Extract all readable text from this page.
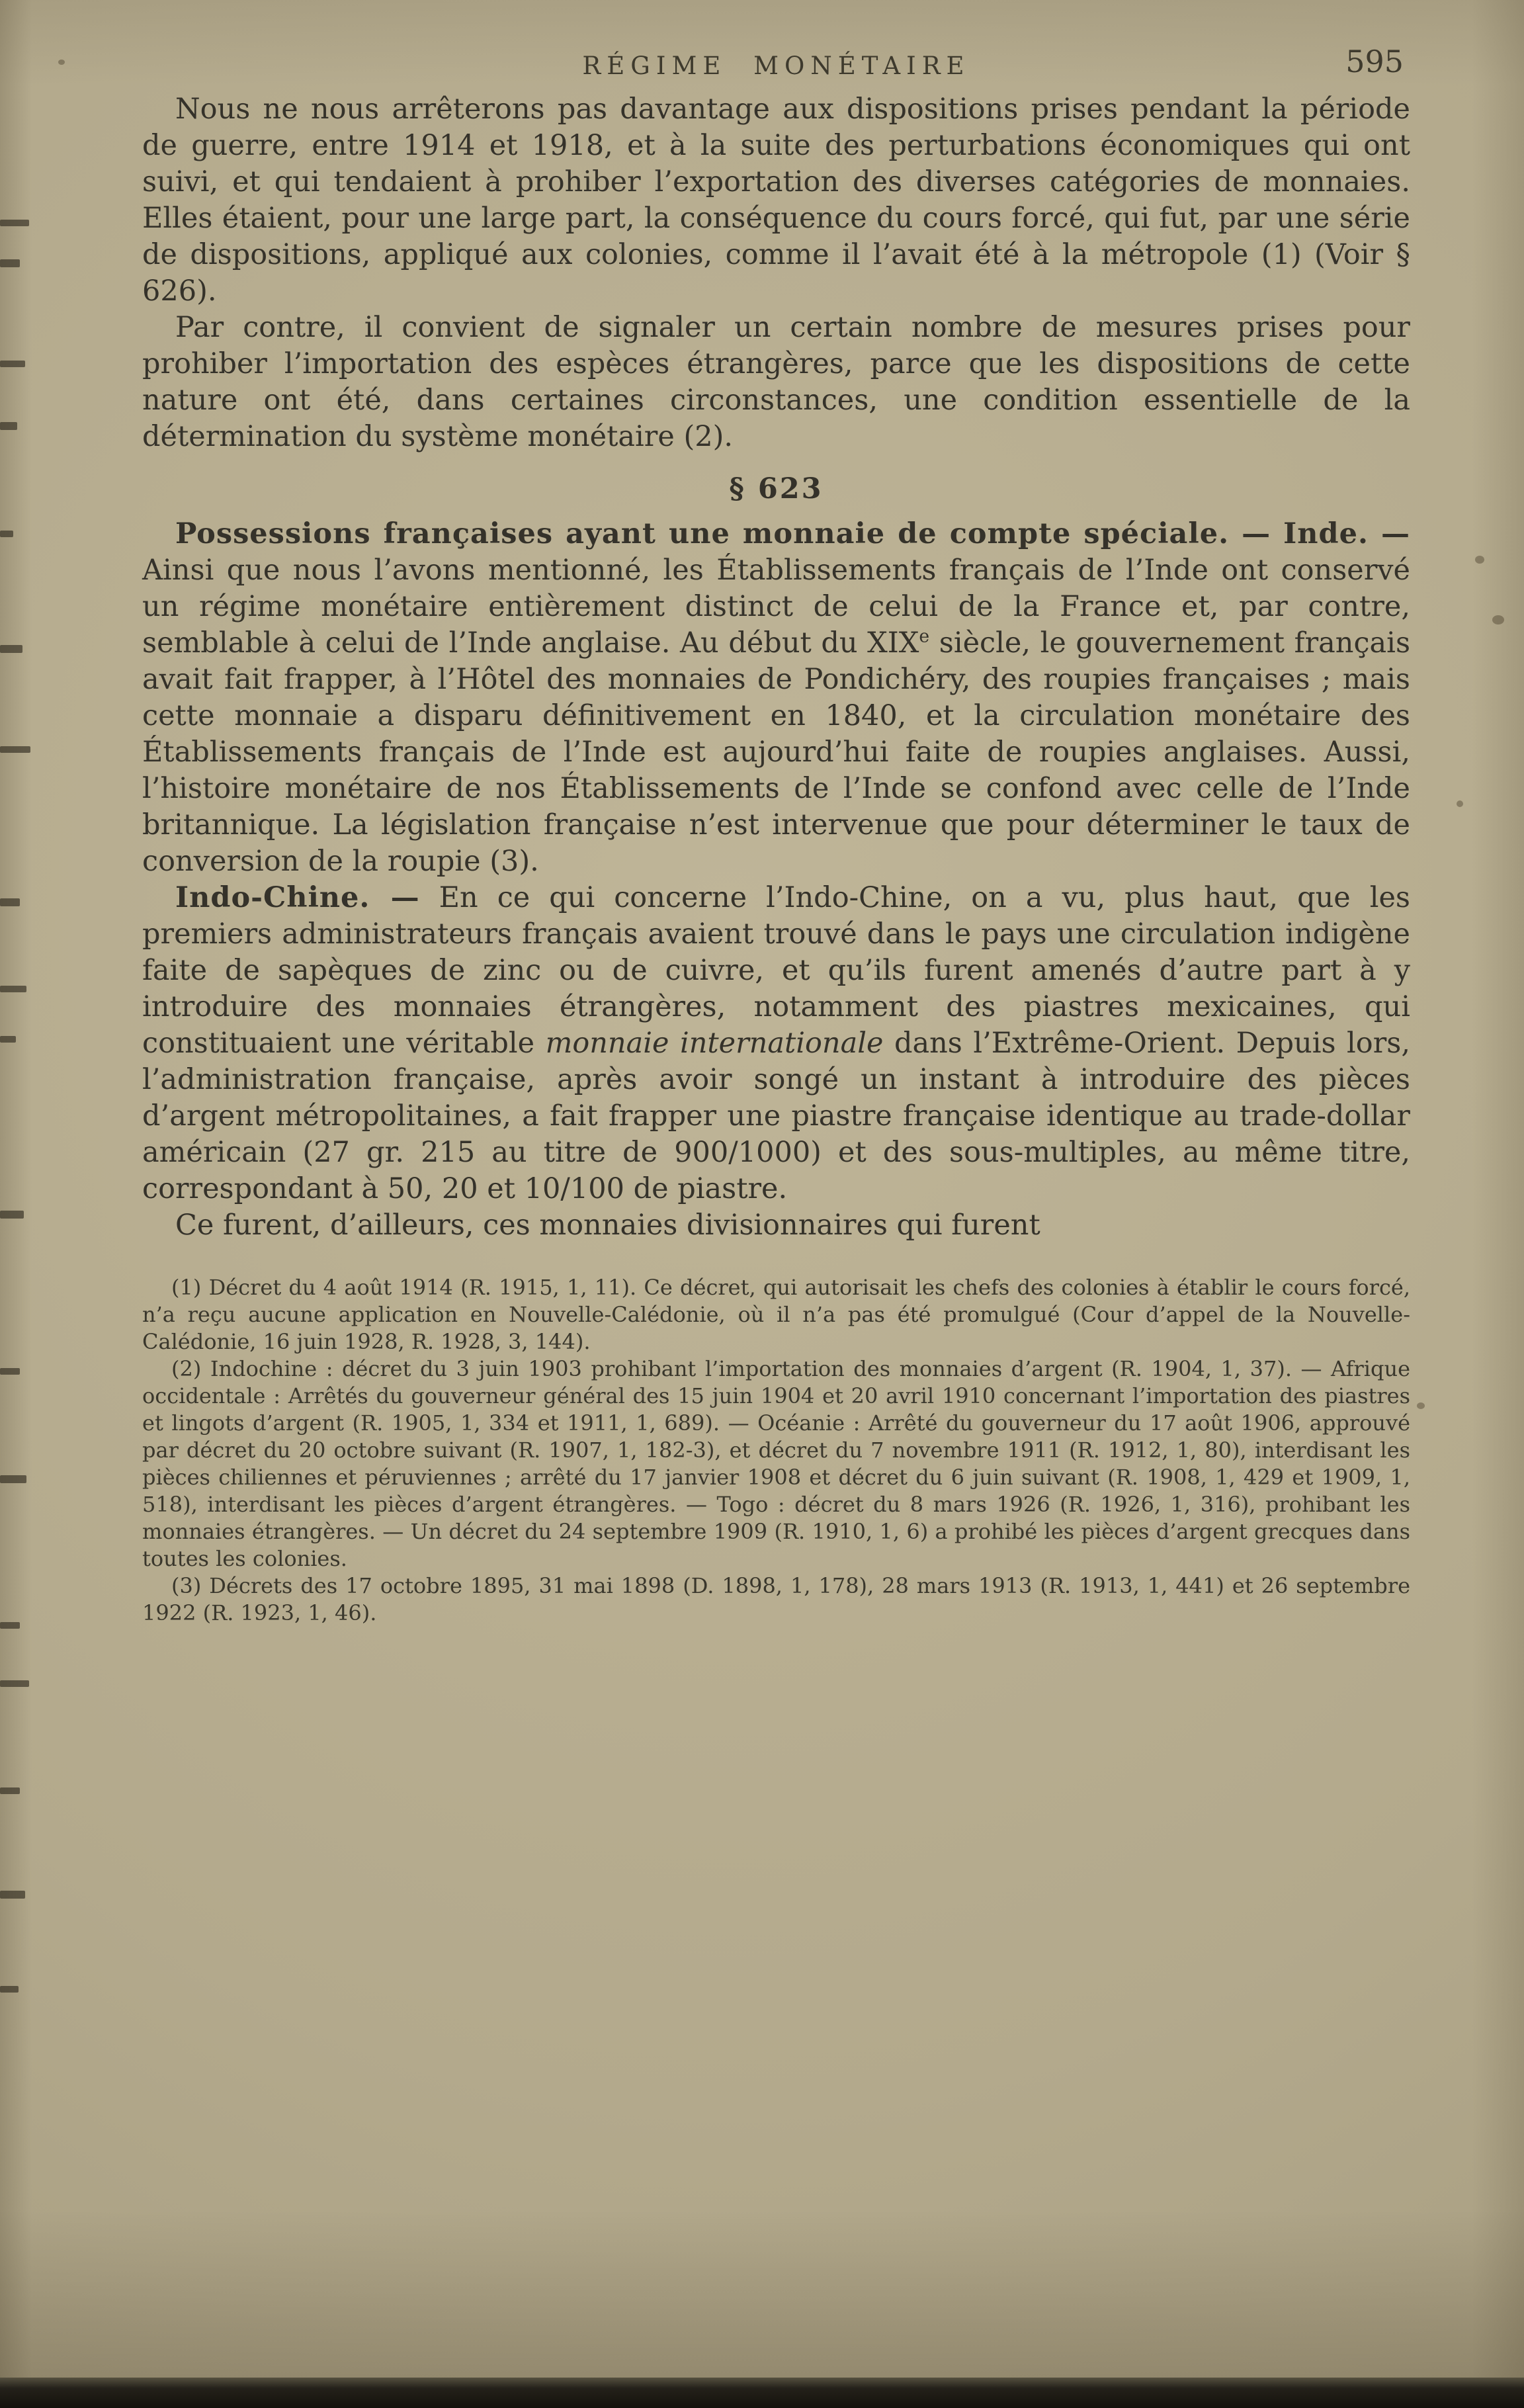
RÉGIME MONÉTAIRE	595

Nous ne nous arrêterons pas davantage aux dispositions prises pendant la période de guerre, entre 1914 et 1918, et à la suite des perturbations économiques qui ont suivi, et qui tendaient à prohiber l’exportation des diverses catégories de monnaies. Elles étaient, pour une large part, la conséquence du cours forcé, qui fut, par une série de dispositions, appliqué aux colonies, comme il l’avait été à la métropole (1) (Voir § 626).

Par contre, il convient de signaler un certain nombre de mesures prises pour prohiber l’importation des espèces étrangères, parce que les dispositions de cette nature ont été, dans certaines circonstances, une condition essentielle de la détermination du système monétaire (2).

§ 623

Possessions françaises ayant une monnaie de compte spéciale. — Inde. — Ainsi que nous l’avons mentionné, les Établissements français de l’Inde ont conservé un régime monétaire entièrement distinct de celui de la France et, par contre, semblable à celui de l’Inde anglaise. Au début du XIXe siècle, le gouvernement français avait fait frapper, à l’Hôtel des monnaies de Pondichéry, des roupies françaises ; mais cette monnaie a disparu définitivement en 1840, et la circulation monétaire des Établissements français de l’Inde est aujourd’hui faite de roupies anglaises. Aussi, l’histoire monétaire de nos Établissements de l’Inde se confond avec celle de l’Inde britannique. La législation française n’est intervenue que pour déterminer le taux de conversion de la roupie (3).

Indo-Chine. — En ce qui concerne l’Indo-Chine, on a vu, plus haut, que les premiers administrateurs français avaient trouvé dans le pays une circulation indigène faite de sapèques de zinc ou de cuivre, et qu’ils furent amenés d’autre part à y introduire des monnaies étrangères, notamment des piastres mexicaines, qui constituaient une véritable monnaie internationale dans l’Extrême-Orient. Depuis lors, l’administration française, après avoir songé un instant à introduire des pièces d’argent métropolitaines, a fait frapper une piastre française identique au trade-dollar américain (27 gr. 215 au titre de 900/1000) et des sous-multiples, au même titre, correspondant à 50, 20 et 10/100 de piastre.

Ce furent, d’ailleurs, ces monnaies divisionnaires qui furent

(1) Décret du 4 août 1914 (R. 1915, 1, 11). Ce décret, qui autorisait les chefs des colonies à établir le cours forcé, n’a reçu aucune application en Nouvelle-Calédonie, où il n’a pas été promulgué (Cour d’appel de la Nouvelle-Calédonie, 16 juin 1928, R. 1928, 3, 144).

(2) Indochine : décret du 3 juin 1903 prohibant l’importation des monnaies d’argent (R. 1904, 1, 37). — Afrique occidentale : Arrêtés du gouverneur général des 15 juin 1904 et 20 avril 1910 concernant l’importation des piastres et lingots d’argent (R. 1905, 1, 334 et 1911, 1, 689). — Océanie : Arrêté du gouverneur du 17 août 1906, approuvé par décret du 20 octobre suivant (R. 1907, 1, 182-3), et décret du 7 novembre 1911 (R. 1912, 1, 80), interdisant les pièces chiliennes et péruviennes ; arrêté du 17 janvier 1908 et décret du 6 juin suivant (R. 1908, 1, 429 et 1909, 1, 518), interdisant les pièces d’argent étrangères. — Togo : décret du 8 mars 1926 (R. 1926, 1, 316), prohibant les monnaies étrangères. — Un décret du 24 septembre 1909 (R. 1910, 1, 6) a prohibé les pièces d’argent grecques dans toutes les colonies.

(3) Décrets des 17 octobre 1895, 31 mai 1898 (D. 1898, 1, 178), 28 mars 1913 (R. 1913, 1, 441) et 26 septembre 1922 (R. 1923, 1, 46).
